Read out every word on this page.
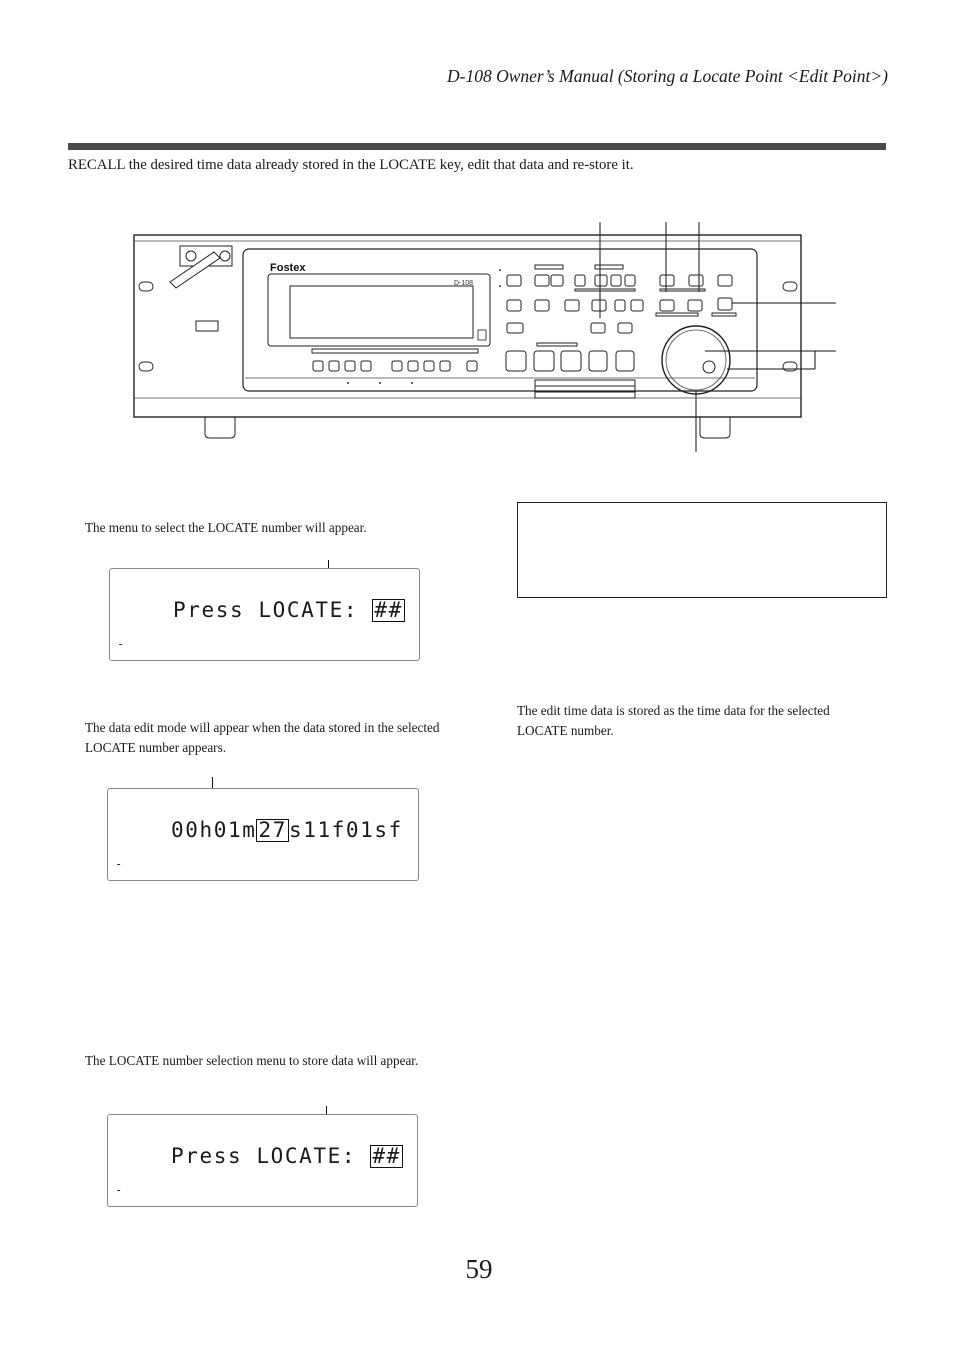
D-108 Owner’s Manual (Storing a Locate Point <Edit Point>)
RECALL the desired time data already stored in the LOCATE key, edit that data and re-store it.
Fostex
D-108
The menu to select the LOCATE number will appear.

Press LOCATE: ##

-
The data edit mode will appear when the data stored in the selected LOCATE number appears.

00h01m27s11f01sf

-
The edit time data is stored as the time data for the selected LOCATE number.
The LOCATE number selection menu to store data will appear.

Press LOCATE: ##

-
59
